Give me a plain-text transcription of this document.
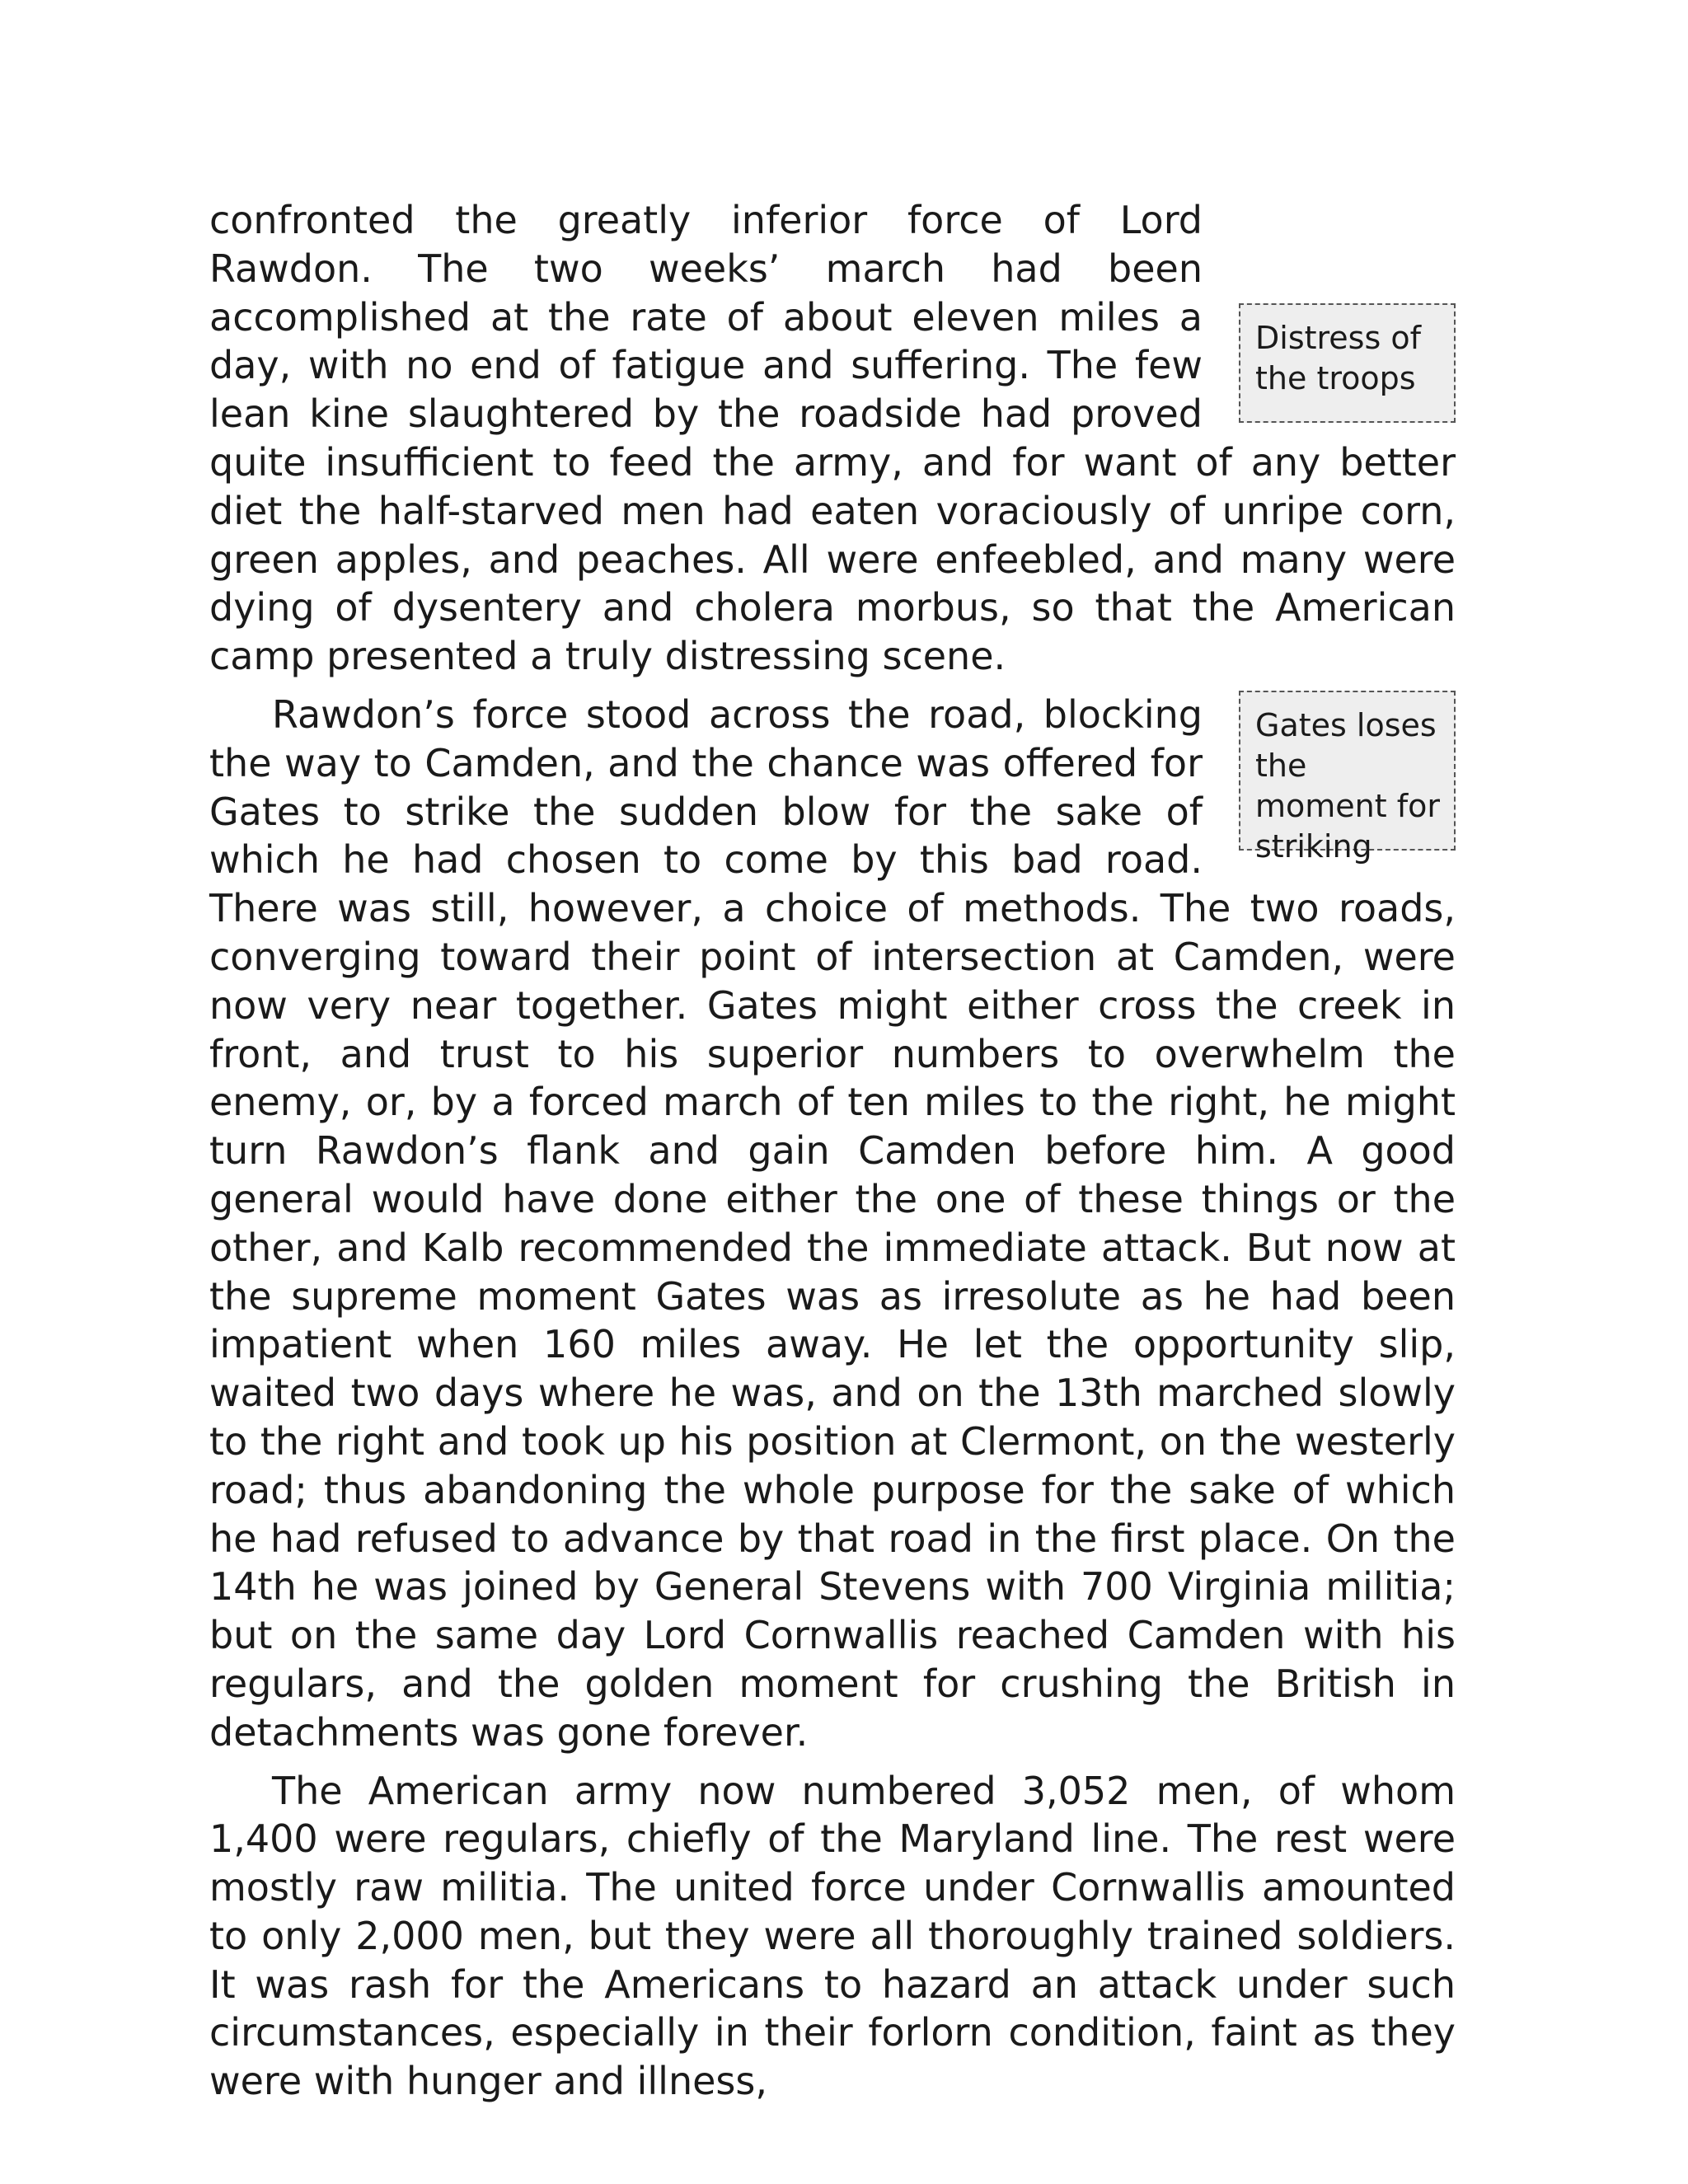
Distress of the troops
confronted the greatly inferior force of Lord Rawdon. The two weeks’ march had been accomplished at the rate of about eleven miles a day, with no end of fatigue and suffering. The few lean kine slaughtered by the roadside had proved quite insufficient to feed the army, and for want of any better diet the half-starved men had eaten voraciously of unripe corn, green apples, and peaches. All were enfeebled, and many were dying of dysentery and cholera morbus, so that the American camp presented a truly distressing scene.

Gates loses the moment for striking
Rawdon’s force stood across the road, blocking the way to Camden, and the chance was offered for Gates to strike the sudden blow for the sake of which he had chosen to come by this bad road. There was still, however, a choice of methods. The two roads, converging toward their point of intersection at Camden, were now very near together. Gates might either cross the creek in front, and trust to his superior numbers to overwhelm the enemy, or, by a forced march of ten miles to the right, he might turn Rawdon’s flank and gain Camden before him. A good general would have done either the one of these things or the other, and Kalb recommended the immediate attack. But now at the supreme moment Gates was as irresolute as he had been impatient when 160 miles away. He let the opportunity slip, waited two days where he was, and on the 13th marched slowly to the right and took up his position at Clermont, on the westerly road; thus abandoning the whole purpose for the sake of which he had refused to advance by that road in the first place. On the 14th he was joined by General Stevens with 700 Virginia militia; but on the same day Lord Cornwallis reached Camden with his regulars, and the golden moment for crushing the British in detachments was gone forever.

The American army now numbered 3,052 men, of whom 1,400 were regulars, chiefly of the Maryland line. The rest were mostly raw militia. The united force under Cornwallis amounted to only 2,000 men, but they were all thoroughly trained soldiers. It was rash for the Americans to hazard an attack under such circumstances, especially in their forlorn condition, faint as they were with hunger and illness,
